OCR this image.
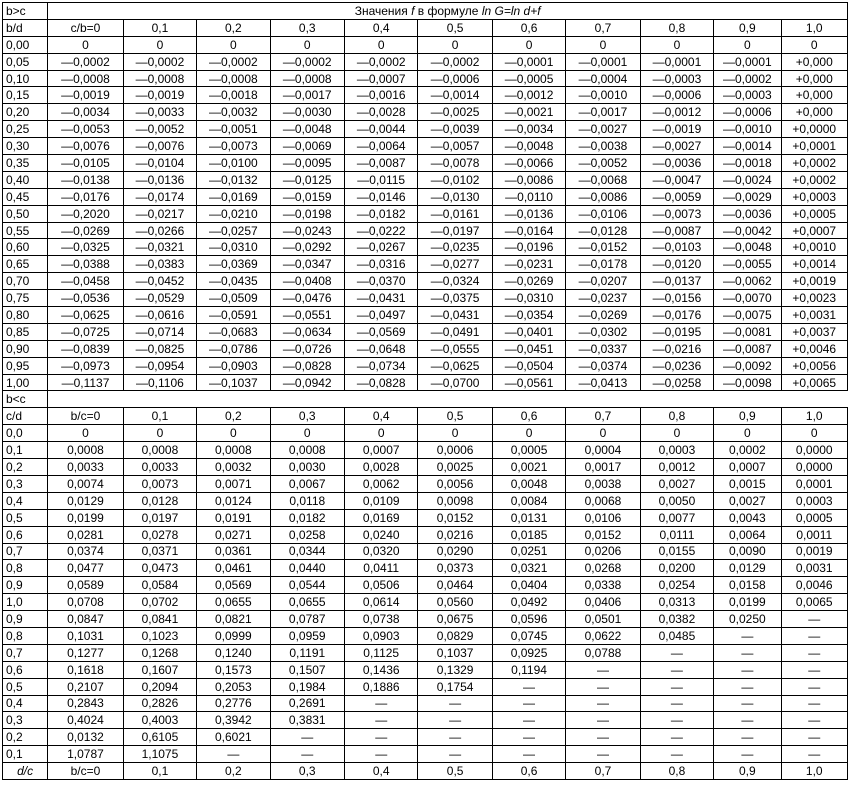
b>c	Значения f в формуле ln G=ln d+f										
b/d	c/b=0	0,1	0,2	0,3	0,4	0,5	0,6	0,7	0,8	0,9	1,0
0,00	0	0	0	0	0	0	0	0	0	0	0
0,05	—0,0002	—0,0002	—0,0002	—0,0002	—0,0002	—0,0002	—0,0001	—0,0001	—0,0001	—0,0001	+0,000
0,10	—0,0008	—0,0008	—0,0008	—0,0008	—0,0007	—0,0006	—0,0005	—0,0004	—0,0003	—0,0002	+0,000
0,15	—0,0019	—0,0019	—0,0018	—0,0017	—0,0016	—0,0014	—0,0012	—0,0010	—0,0006	—0,0003	+0,000
0,20	—0,0034	—0,0033	—0,0032	—0,0030	—0,0028	—0,0025	—0,0021	—0,0017	—0,0012	—0,0006	+0,000
0,25	—0,0053	—0,0052	—0,0051	—0,0048	—0,0044	—0,0039	—0,0034	—0,0027	—0,0019	—0,0010	+0,0000
0,30	—0,0076	—0,0076	—0,0073	—0,0069	—0,0064	—0,0057	—0,0048	—0,0038	—0,0027	—0,0014	+0,0001
0,35	—0,0105	—0,0104	—0,0100	—0,0095	—0,0087	—0,0078	—0,0066	—0,0052	—0,0036	—0,0018	+0,0002
0,40	—0,0138	—0,0136	—0,0132	—0,0125	—0,0115	—0,0102	—0,0086	—0,0068	—0,0047	—0,0024	+0,0002
0,45	—0,0176	—0,0174	—0,0169	—0,0159	—0,0146	—0,0130	—0,0110	—0,0086	—0,0059	—0,0029	+0,0003
0,50	—0,2020	—0,0217	—0,0210	—0,0198	—0,0182	—0,0161	—0,0136	—0,0106	—0,0073	—0,0036	+0,0005
0,55	—0,0269	—0,0266	—0,0257	—0,0243	—0,0222	—0,0197	—0,0164	—0,0128	—0,0087	—0,0042	+0,0007
0,60	—0,0325	—0,0321	—0,0310	—0,0292	—0,0267	—0,0235	—0,0196	—0,0152	—0,0103	—0,0048	+0,0010
0,65	—0,0388	—0,0383	—0,0369	—0,0347	—0,0316	—0,0277	—0,0231	—0,0178	—0,0120	—0,0055	+0,0014
0,70	—0,0458	—0,0452	—0,0435	—0,0408	—0,0370	—0,0324	—0,0269	—0,0207	—0,0137	—0,0062	+0,0019
0,75	—0,0536	—0,0529	—0,0509	—0,0476	—0,0431	—0,0375	—0,0310	—0,0237	—0,0156	—0,0070	+0,0023
0,80	—0,0625	—0,0616	—0,0591	—0,0551	—0,0497	—0,0431	—0,0354	—0,0269	—0,0176	—0,0075	+0,0031
0,85	—0,0725	—0,0714	—0,0683	—0,0634	—0,0569	—0,0491	—0,0401	—0,0302	—0,0195	—0,0081	+0,0037
0,90	—0,0839	—0,0825	—0,0786	—0,0726	—0,0648	—0,0555	—0,0451	—0,0337	—0,0216	—0,0087	+0,0046
0,95	—0,0973	—0,0954	—0,0903	—0,0828	—0,0734	—0,0625	—0,0504	—0,0374	—0,0236	—0,0092	+0,0056
1,00	—0,1137	—0,1106	—0,1037	—0,0942	—0,0828	—0,0700	—0,0561	—0,0413	—0,0258	—0,0098	+0,0065
b<c											
c/d	b/c=0	0,1	0,2	0,3	0,4	0,5	0,6	0,7	0,8	0,9	1,0
0,0	0	0	0	0	0	0	0	0	0	0	0
0,1	0,0008	0,0008	0,0008	0,0008	0,0007	0,0006	0,0005	0,0004	0,0003	0,0002	0,0000
0,2	0,0033	0,0033	0,0032	0,0030	0,0028	0,0025	0,0021	0,0017	0,0012	0,0007	0,0000
0,3	0,0074	0,0073	0,0071	0,0067	0,0062	0,0056	0,0048	0,0038	0,0027	0,0015	0,0001
0,4	0,0129	0,0128	0,0124	0,0118	0,0109	0,0098	0,0084	0,0068	0,0050	0,0027	0,0003
0,5	0,0199	0,0197	0,0191	0,0182	0,0169	0,0152	0,0131	0,0106	0,0077	0,0043	0,0005
0,6	0,0281	0,0278	0,0271	0,0258	0,0240	0,0216	0,0185	0,0152	0,0111	0,0064	0,0011
0,7	0,0374	0,0371	0,0361	0,0344	0,0320	0,0290	0,0251	0,0206	0,0155	0,0090	0,0019
0,8	0,0477	0,0473	0,0461	0,0440	0,0411	0,0373	0,0321	0,0268	0,0200	0,0129	0,0031
0,9	0,0589	0,0584	0,0569	0,0544	0,0506	0,0464	0,0404	0,0338	0,0254	0,0158	0,0046
1,0	0,0708	0,0702	0,0655	0,0655	0,0614	0,0560	0,0492	0,0406	0,0313	0,0199	0,0065
0,9	0,0847	0,0841	0,0821	0,0787	0,0738	0,0675	0,0596	0,0501	0,0382	0,0250	—
0,8	0,1031	0,1023	0,0999	0,0959	0,0903	0,0829	0,0745	0,0622	0,0485	—	—
0,7	0,1277	0,1268	0,1240	0,1191	0,1125	0,1037	0,0925	0,0788	—	—	—
0,6	0,1618	0,1607	0,1573	0,1507	0,1436	0,1329	0,1194	—	—	—	—
0,5	0,2107	0,2094	0,2053	0,1984	0,1886	0,1754	—	—	—	—	—
0,4	0,2843	0,2826	0,2776	0,2691	—	—	—	—	—	—	—
0,3	0,4024	0,4003	0,3942	0,3831	—	—	—	—	—	—	—
0,2	0,0132	0,6105	0,6021	—	—	—	—	—	—	—	—
0,1	1,0787	1,1075	—	—	—	—	—	—	—	—	—
d/c	b/c=0	0,1	0,2	0,3	0,4	0,5	0,6	0,7	0,8	0,9	1,0
